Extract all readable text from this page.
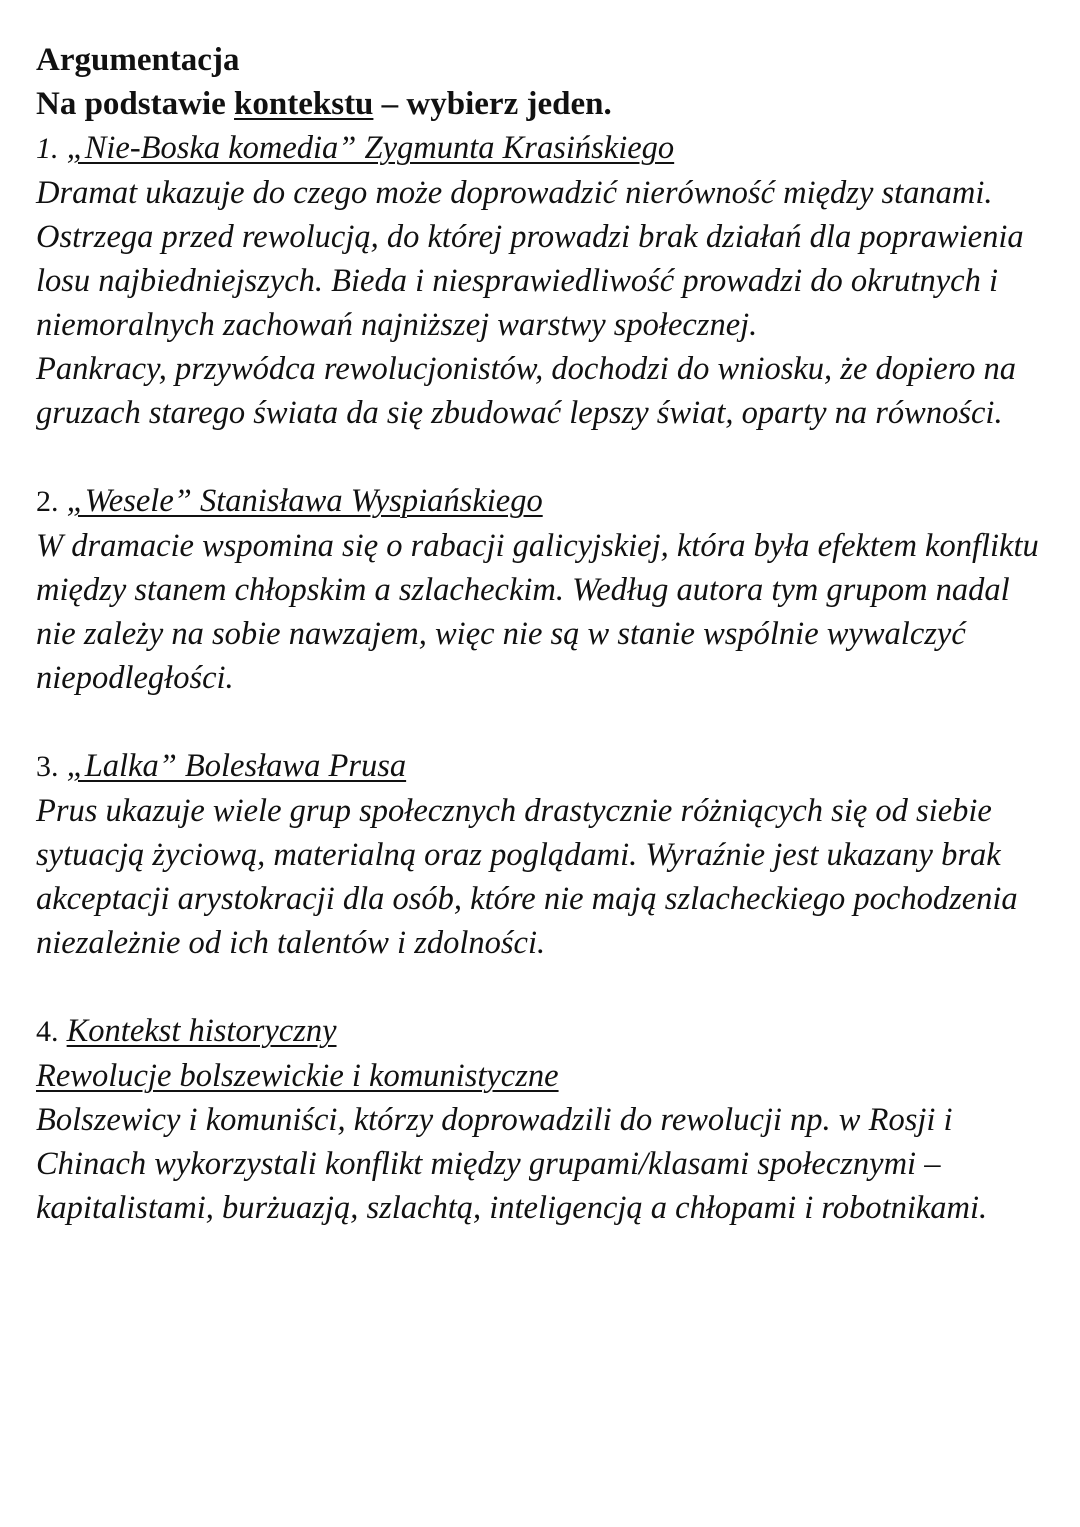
Argumentacja

Na podstawie kontekstu – wybierz jeden.

1. „Nie-Boska komedia” Zygmunta Krasińskiego

Dramat ukazuje do czego może doprowadzić nierówność między stanami. Ostrzega przed rewolucją, do której prowadzi brak działań dla poprawienia losu najbiedniejszych. Bieda i niesprawiedliwość prowadzi do okrutnych i niemoralnych zachowań najniższej warstwy społecznej.

Pankracy, przywódca rewolucjonistów, dochodzi do wniosku, że dopiero na gruzach starego świata da się zbudować lepszy świat, oparty na równości.

2. „Wesele” Stanisława Wyspiańskiego

W dramacie wspomina się o rabacji galicyjskiej, która była efektem konfliktu między stanem chłopskim a szlacheckim. Według autora tym grupom nadal nie zależy na sobie nawzajem, więc nie są w stanie wspólnie wywalczyć niepodległości.

3. „Lalka” Bolesława Prusa

Prus ukazuje wiele grup społecznych drastycznie różniących się od siebie sytuacją życiową, materialną oraz poglądami. Wyraźnie jest ukazany brak akceptacji arystokracji dla osób, które nie mają szlacheckiego pochodzenia niezależnie od ich talentów i zdolności.

4. Kontekst historyczny

Rewolucje bolszewickie i komunistyczne

Bolszewicy i komuniści, którzy doprowadzili do rewolucji np. w Rosji i Chinach wykorzystali konflikt między grupami/klasami społecznymi – kapitalistami, burżuazją, szlachtą, inteligencją a chłopami i robotnikami.
